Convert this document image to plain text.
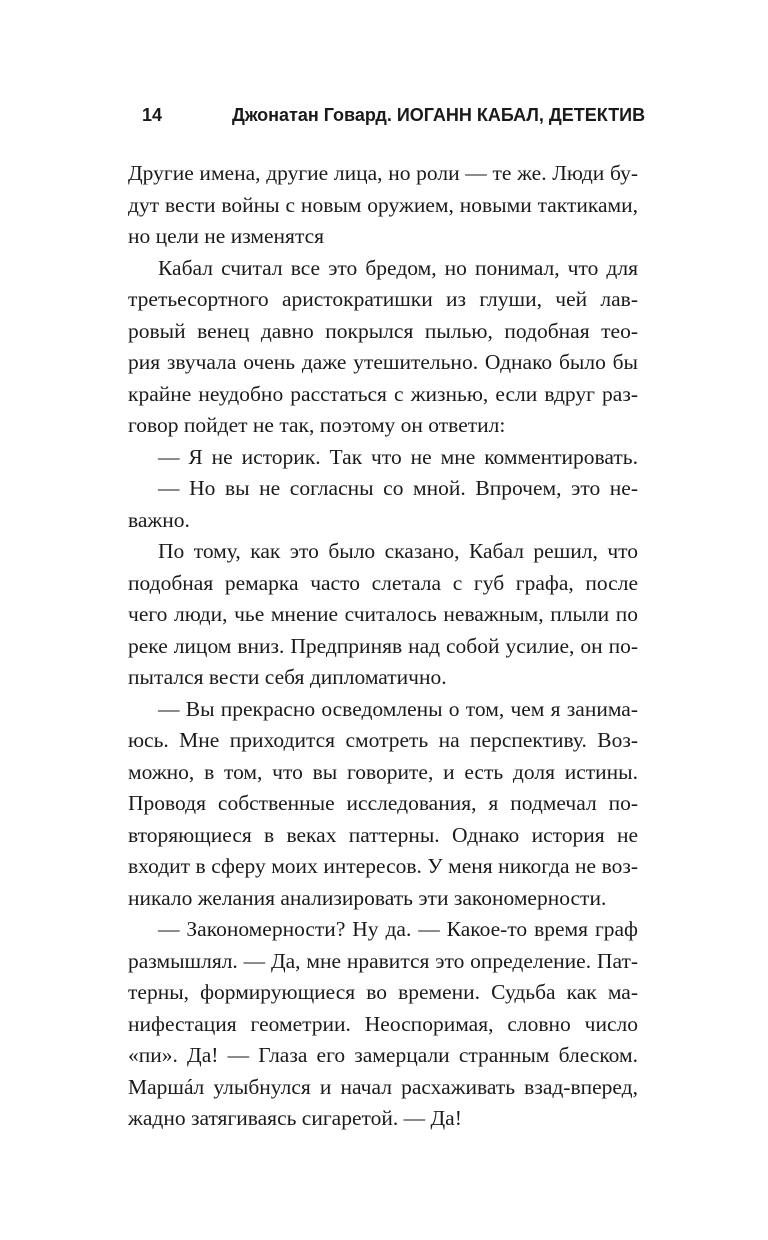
14	Джонатан Говард. ИОГАНН КАБАЛ, ДЕТЕКТИВ
Другие имена, другие лица, но роли — те же. Люди бу-
дут вести войны с новым оружием, новыми тактиками,
но цели не изменятся
Кабал считал все это бредом, но понимал, что для
третьесортного аристократишки из глуши, чей лав-
ровый венец давно покрылся пылью, подобная тео-
рия звучала очень даже утешительно. Однако было бы
крайне неудобно расстаться с жизнью, если вдруг раз-
говор пойдет не так, поэтому он ответил:
— Я не историк. Так что не мне комментировать.
— Но вы не согласны со мной. Впрочем, это не-
важно.
По тому, как это было сказано, Кабал решил, что
подобная ремарка часто слетала с губ графа, после
чего люди, чье мнение считалось неважным, плыли по
реке лицом вниз. Предприняв над собой усилие, он по-
пытался вести себя дипломатично.
— Вы прекрасно осведомлены о том, чем я занима-
юсь. Мне приходится смотреть на перспективу. Воз-
можно, в том, что вы говорите, и есть доля истины.
Проводя собственные исследования, я подмечал по-
вторяющиеся в веках паттерны. Однако история не
входит в сферу моих интересов. У меня никогда не воз-
никало желания анализировать эти закономерности.
— Закономерности? Ну да. — Какое-то время граф
размышлял. — Да, мне нравится это определение. Пат-
терны, формирующиеся во времени. Судьба как ма-
нифестация геометрии. Неоспоримая, словно число
«пи». Да! — Глаза его замерцали странным блеском.
Маршáл улыбнулся и начал расхаживать взад-вперед,
жадно затягиваясь сигаретой. — Да!
